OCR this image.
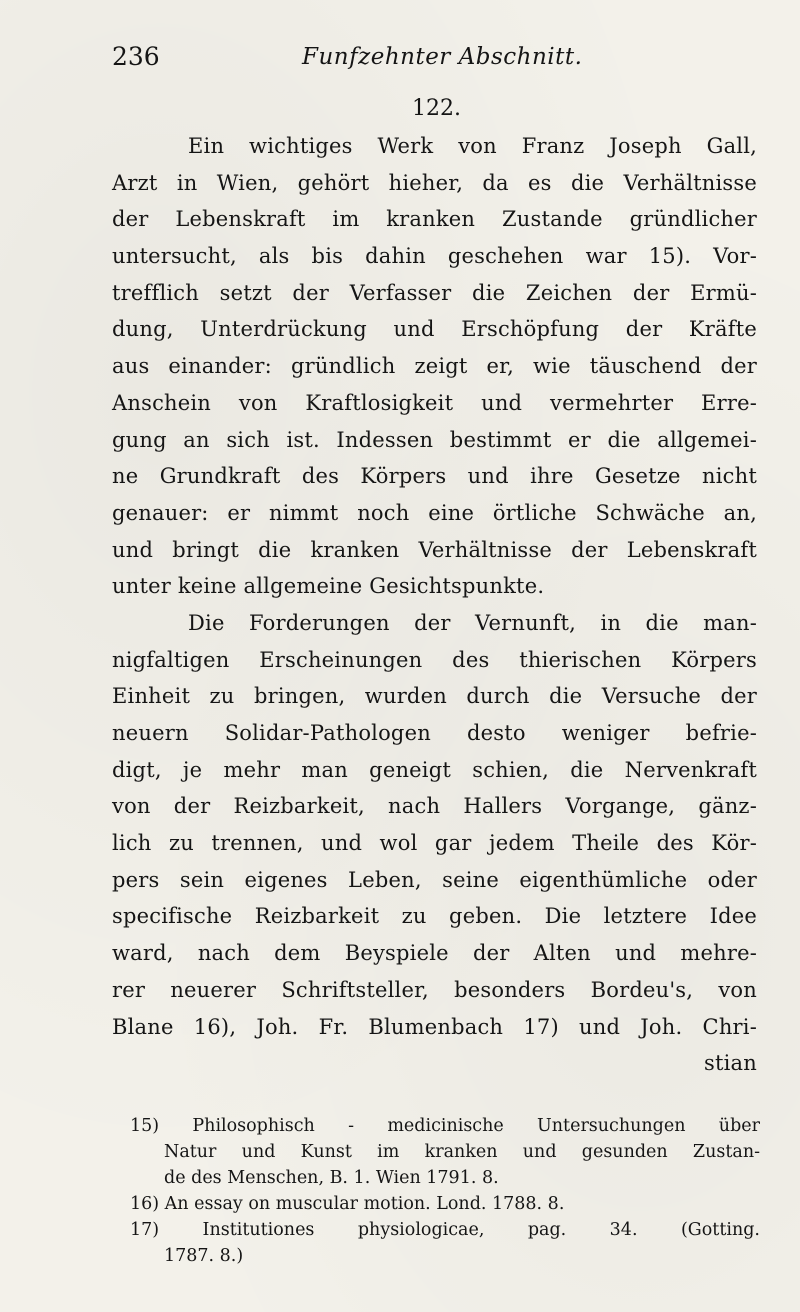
236	Funfzehnter Abschnitt.
122.
Ein wichtiges Werk von Franz Joseph Gall,
Arzt in Wien, gehört hieher, da es die Verhältnisse
der Lebenskraft im kranken Zustande gründlicher
untersucht, als bis dahin geschehen war 15). Vor-
trefflich setzt der Verfasser die Zeichen der Ermü-
dung, Unterdrückung und Erschöpfung der Kräfte
aus einander: gründlich zeigt er, wie täuschend der
Anschein von Kraftlosigkeit und vermehrter Erre-
gung an sich ist. Indessen bestimmt er die allgemei-
ne Grundkraft des Körpers und ihre Gesetze nicht
genauer: er nimmt noch eine örtliche Schwäche an,
und bringt die kranken Verhältnisse der Lebenskraft
unter keine allgemeine Gesichtspunkte.
Die Forderungen der Vernunft, in die man-
nigfaltigen Erscheinungen des thierischen Körpers
Einheit zu bringen, wurden durch die Versuche der
neuern Solidar-Pathologen desto weniger befrie-
digt, je mehr man geneigt schien, die Nervenkraft
von der Reizbarkeit, nach Hallers Vorgange, gänz-
lich zu trennen, und wol gar jedem Theile des Kör-
pers sein eigenes Leben, seine eigenthümliche oder
specifische Reizbarkeit zu geben. Die letztere Idee
ward, nach dem Beyspiele der Alten und mehre-
rer neuerer Schriftsteller, besonders Bordeu's, von
Blane 16), Joh. Fr. Blumenbach 17) und Joh. Chri-
stian
15) Philosophisch - medicinische Untersuchungen über
Natur und Kunst im kranken und gesunden Zustan-
de des Menschen, B. 1. Wien 1791. 8.
16) An essay on muscular motion. Lond. 1788. 8.
17) Institutiones physiologicae, pag. 34. (Gotting.
1787. 8.)
